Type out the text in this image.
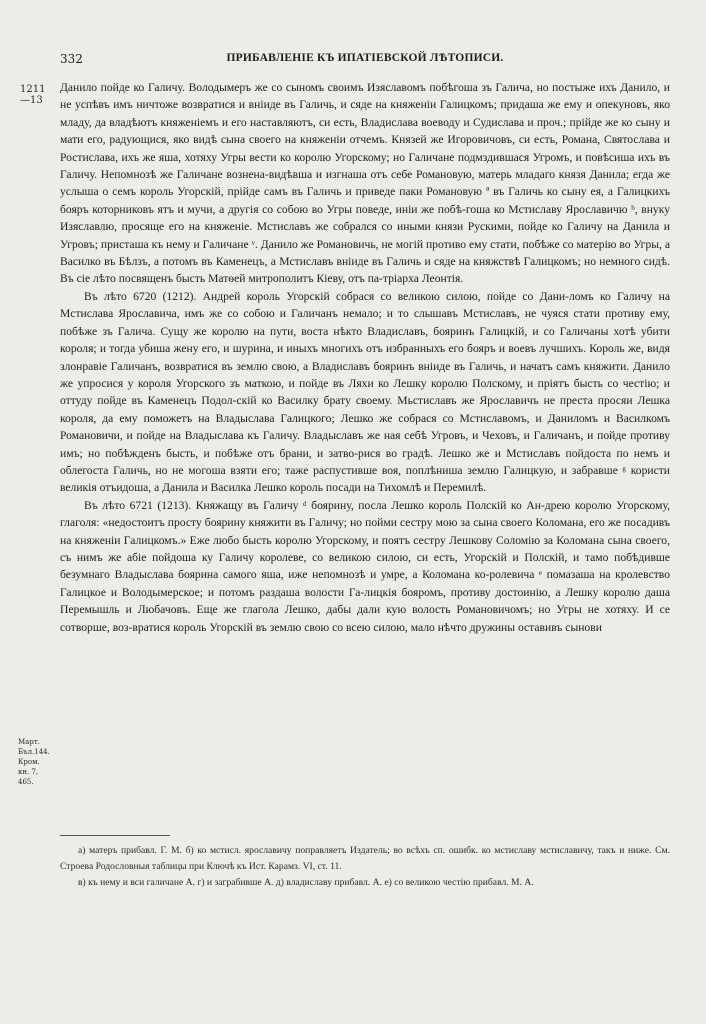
332	ПРИБАВЛЕНІЕ КЪ ИПАТІЕВСКОЙ ЛѢТОПИСИ.
1211
—13
Март.
Бъл.144.
Кром.
кн. 7,
465.

Данило пойде ко Галичу. Володымеръ же со сыномъ своимъ Изяславомъ побѣгоша зъ Галича, но постыже ихъ Данило, и не успѣвъ имъ ничтоже возвратися и вніиде въ Галичь, и сяде на княженіи Галицкомъ; придаша же ему и опекуновъ, яко младу, да владѣютъ княженіемъ и его наставляютъ, си есть, Владислава воеводу и Судислава и проч.; прійде же ко сыну и мати его, радующися, яко видѣ сына своего на княженіи отчемъ. Князей же Игоровичовъ, си есть, Романа, Святослава и Ростислава, ихъ же яша, хотяху Угры вести ко королю Угорскому; но Галичане подмздившася Угромъ, и повѣсиша ихъ въ Галичу. Непомнозѣ же Галичане вознена-видѣвша и изгнаша отъ себе Романовую, матерь младаго князя Данила; егда же услыша о семъ король Угорскій, прійде самъ въ Галичь и приведе паки Романовую ª въ Галичь ко сыну ея, а Галицкихъ бояръ которниковъ ятъ и мучи, а другія со собою во Угры поведе, иніи же побѣ-гоша ко Мстиславу Ярославичю ᵇ, внуку Изяславлю, просяще его на княженіе. Мстиславъ же собрался со иными князи Рускими, пойде ко Галичу на Данила и Угровъ; присташа къ нему и Галичане ᵛ. Данило же Романовичь, не могій противо ему стати, побѣже со матерію во Угры, а Василко въ Бѣлзъ, а потомъ въ Каменецъ, а Мстиславъ вніиде въ Галичь и сяде на княжствѣ Галицкомъ; но немного сидѣ. Въ сіе лѣто посвященъ бысть Матѳей митрополитъ Кіеву, отъ па-тріарха Леонтія.

Въ лѣто 6720 (1212). Андрей король Угорскій собрася со великою силою, пойде со Дани-ломъ ко Галичу на Мстислава Ярославича, имъ же со собою и Галичанъ немало; и то слышавъ Мстиславъ, не чуяся стати противу ему, побѣже зъ Галича. Сущу же королю на пути, воста нѣкто Владиславъ, бояринъ Галицкій, и со Галичаны хотѣ убити короля; и тогда убиша жену его, и шурина, и иныхъ многихъ отъ избранныхъ его бояръ и воевъ лучшихъ. Король же, видя злонравіе Галичанъ, возвратися въ землю свою, а Владиславъ бояринъ вніиде въ Галичь, и начатъ самъ княжити. Данило же упросися у короля Угорского зъ маткою, и пойде въ Ляхи ко Лешку королю Полскому, и пріятъ бысть со честію; и оттуду пойде въ Каменецъ Подол-скій ко Василку брату своему. Мьстиславъ же Ярославичъ не преста просяи Лешка короля, да ему поможетъ на Владыслава Галицкого; Лешко же собрася со Мстиславомъ, и Даниломъ и Василкомъ Романовичи, и пойде на Владыслава къ Галичу. Владыславъ же ная себѣ Угровъ, и Чеховъ, и Галичанъ, и пойде противу имъ; но побѣжденъ бысть, и побѣже отъ брани, и затво-рися во градѣ. Лешко же и Мстиславъ пойдоста по немъ и облегоста Галичь, но не могоша взяти его; таже распустивше воя, поплѣниша землю Галицкую, и забравше ᵍ користи великія отъидоша, а Данила и Василка Лешко король посади на Тихомлѣ и Перемилѣ.

Въ лѣто 6721 (1213). Княжащу въ Галичу ᵈ боярину, посла Лешко король Полскій ко Ан-дрею королю Угорскому, глаголя: «недостоитъ просту боярину княжити въ Галичу; но пойми сестру мою за сына своего Коломана, его же посадивъ на княженіи Галицкомъ.» Еже любо бысть королю Угорскому, и поятъ сестру Лешкову Соломію за Коломана сына своего, съ нимъ же абіе пойдоша ку Галичу королеве, со великою силою, си есть, Угорскій и Полскій, и тамо побѣдивше безумнаго Владыслава боярина самого яша, иже непомнозѣ и умре, а Коломана ко-ролевича ᵉ помазаша на кролевство Галицкое и Володымерское; и потомъ раздаша волости Га-лицкія бояромъ, противу достоинію, а Лешку королю даша Перемышль и Любачовъ. Еще же глагола Лешко, дабы дали кую волость Романовичомъ; но Угры не хотяху. И се сотворше, воз-вратися король Угорскій въ землю свою со всею силою, мало нѣчто дружины оставивъ сынови

а) матеръ прибавл. Г. М. б) ко мстисл. ярославичу поправляетъ Издатель; во всѣхъ сп. ошибк. ко мстиславу мстиславичу, такъ и ниже. См. Строева Родословныя таблицы при Ключѣ къ Ист. Карамз. VI, ст. 11.

в) къ нему и вси галичане А. г) и заграбивше А. д) владиславу прибавл. А. е) со великою честію прибавл. М. А.
